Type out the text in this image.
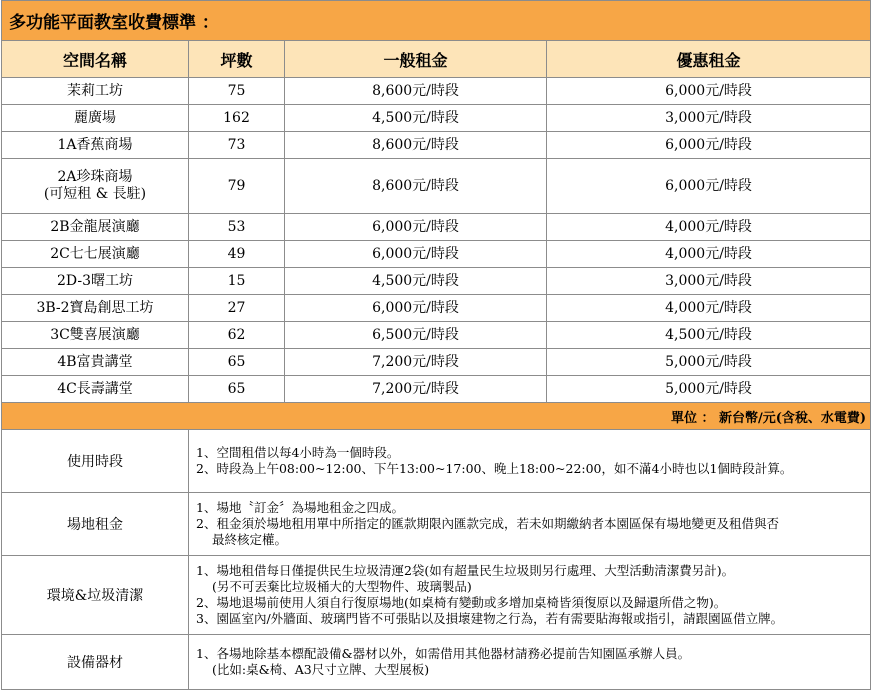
多功能平面教室收費標準 ：			
空間名稱	坪數	一般租金	優惠租金
茉莉工坊	75	8,600元/時段	6,000元/時段
麗廣場	162	4,500元/時段	3,000元/時段
1A香蕉商場	73	8,600元/時段	6,000元/時段

2A珍珠商場
(可短租 & 長駐)	79	8,600元/時段	6,000元/時段
2B金龍展演廳	53	6,000元/時段	4,000元/時段
2C七七展演廳	49	6,000元/時段	4,000元/時段
2D-3曙工坊	15	4,500元/時段	3,000元/時段
3B-2寶島創思工坊	27	6,000元/時段	4,000元/時段
3C雙喜展演廳	62	6,500元/時段	4,500元/時段
4B富貴講堂	65	7,200元/時段	5,000元/時段
4C長壽講堂	65	7,200元/時段	5,000元/時段
單位 ： 新台幣/元(含稅、水電費)			
使用時段	1、空間租借以每4小時為一個時段。
2、時段為上午08:00~12:00、下午13:00~17:00、晚上18:00~22:00，如不滿4小時也以1個時段計算。

場地租金	1、場地〝訂金〞為場地租金之四成。
2、租金須於場地租用單中所指定的匯款期限內匯款完成，若未如期繳納者本園區保有場地變更及租借與否
最終核定權。

環境&垃圾清潔	1、場地租借每日僅提供民生垃圾清運2袋(如有超量民生垃圾則另行處理、大型活動清潔費另計)。
(另不可丟棄比垃圾桶大的大型物件、玻璃製品)
2、場地退場前使用人須自行復原場地(如桌椅有變動或多增加桌椅皆須復原以及歸還所借之物)。
3、園區室內/外牆面、玻璃門皆不可張貼以及損壞建物之行為，若有需要貼海報或指引，請跟園區借立牌。

設備器材	1、各場地除基本標配設備&器材以外，如需借用其他器材請務必提前告知園區承辦人員。
(比如:桌&椅、A3尺寸立牌、大型展板)
